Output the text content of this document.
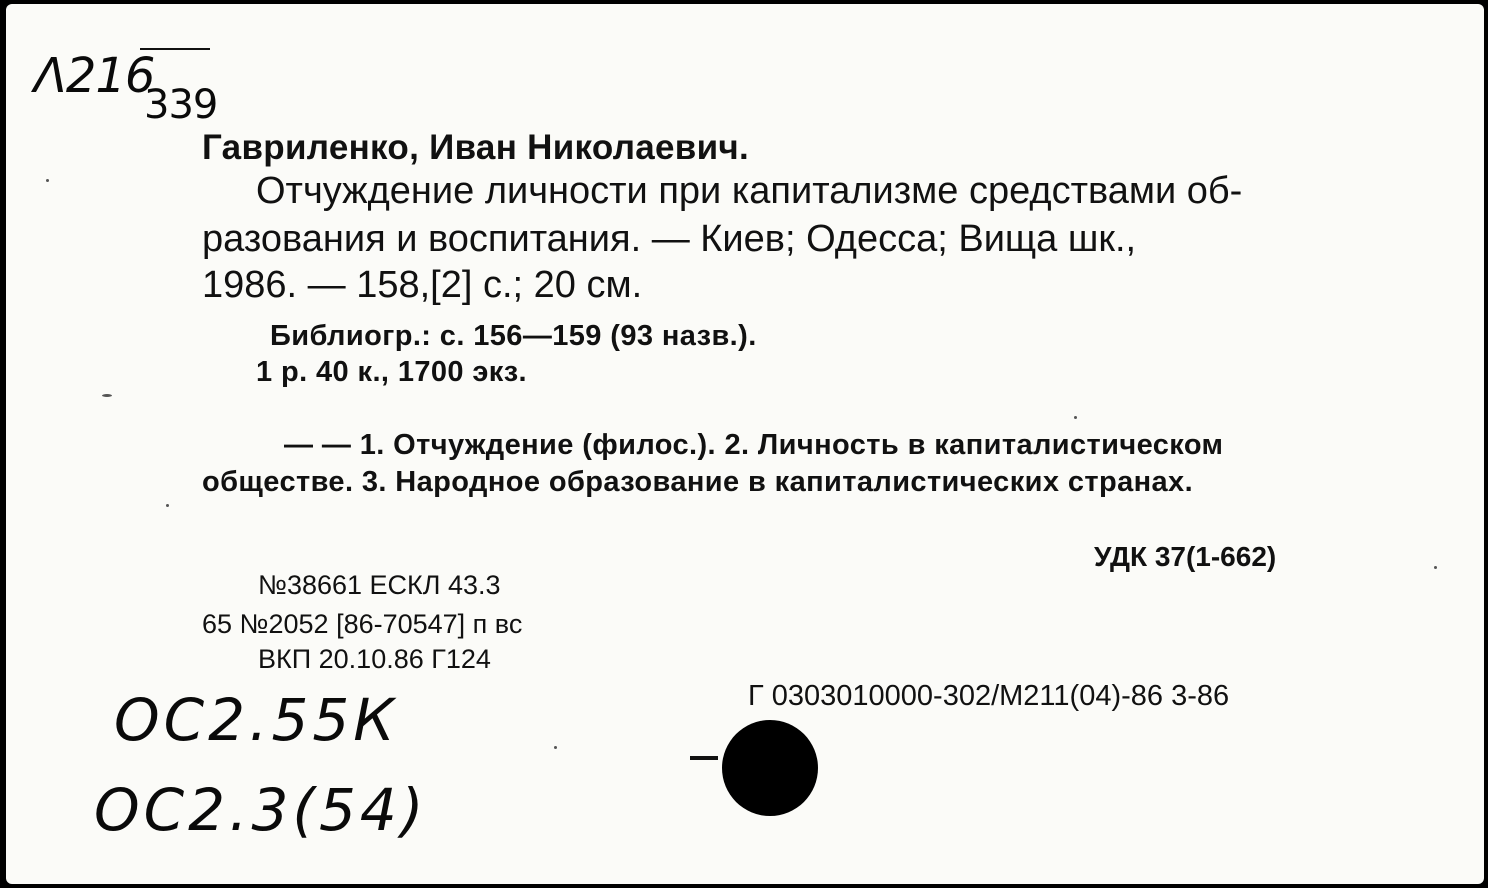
Λ216
339
Гавриленко, Иван Николаевич.
Отчуждение личности при капитализме средствами об-
разования и воспитания. — Киев; Одесса; Вища шк.,
1986. — 158,[2] с.; 20 см.
Библиогр.: с. 156—159 (93 назв.).
1 р. 40 к., 1700 экз.
— — 1. Отчуждение (филос.). 2. Личность в капиталистическом
обществе. 3. Народное образование в капиталистических странах.
УДК 37(1-662)
№38661 ЕСКЛ 43.3
65 №2052 [86-70547] п вс
ВКП 20.10.86 Г124
Г 0303010000-302/М211(04)-86 3-86
ОС2.55К
ОС2.3(54)
